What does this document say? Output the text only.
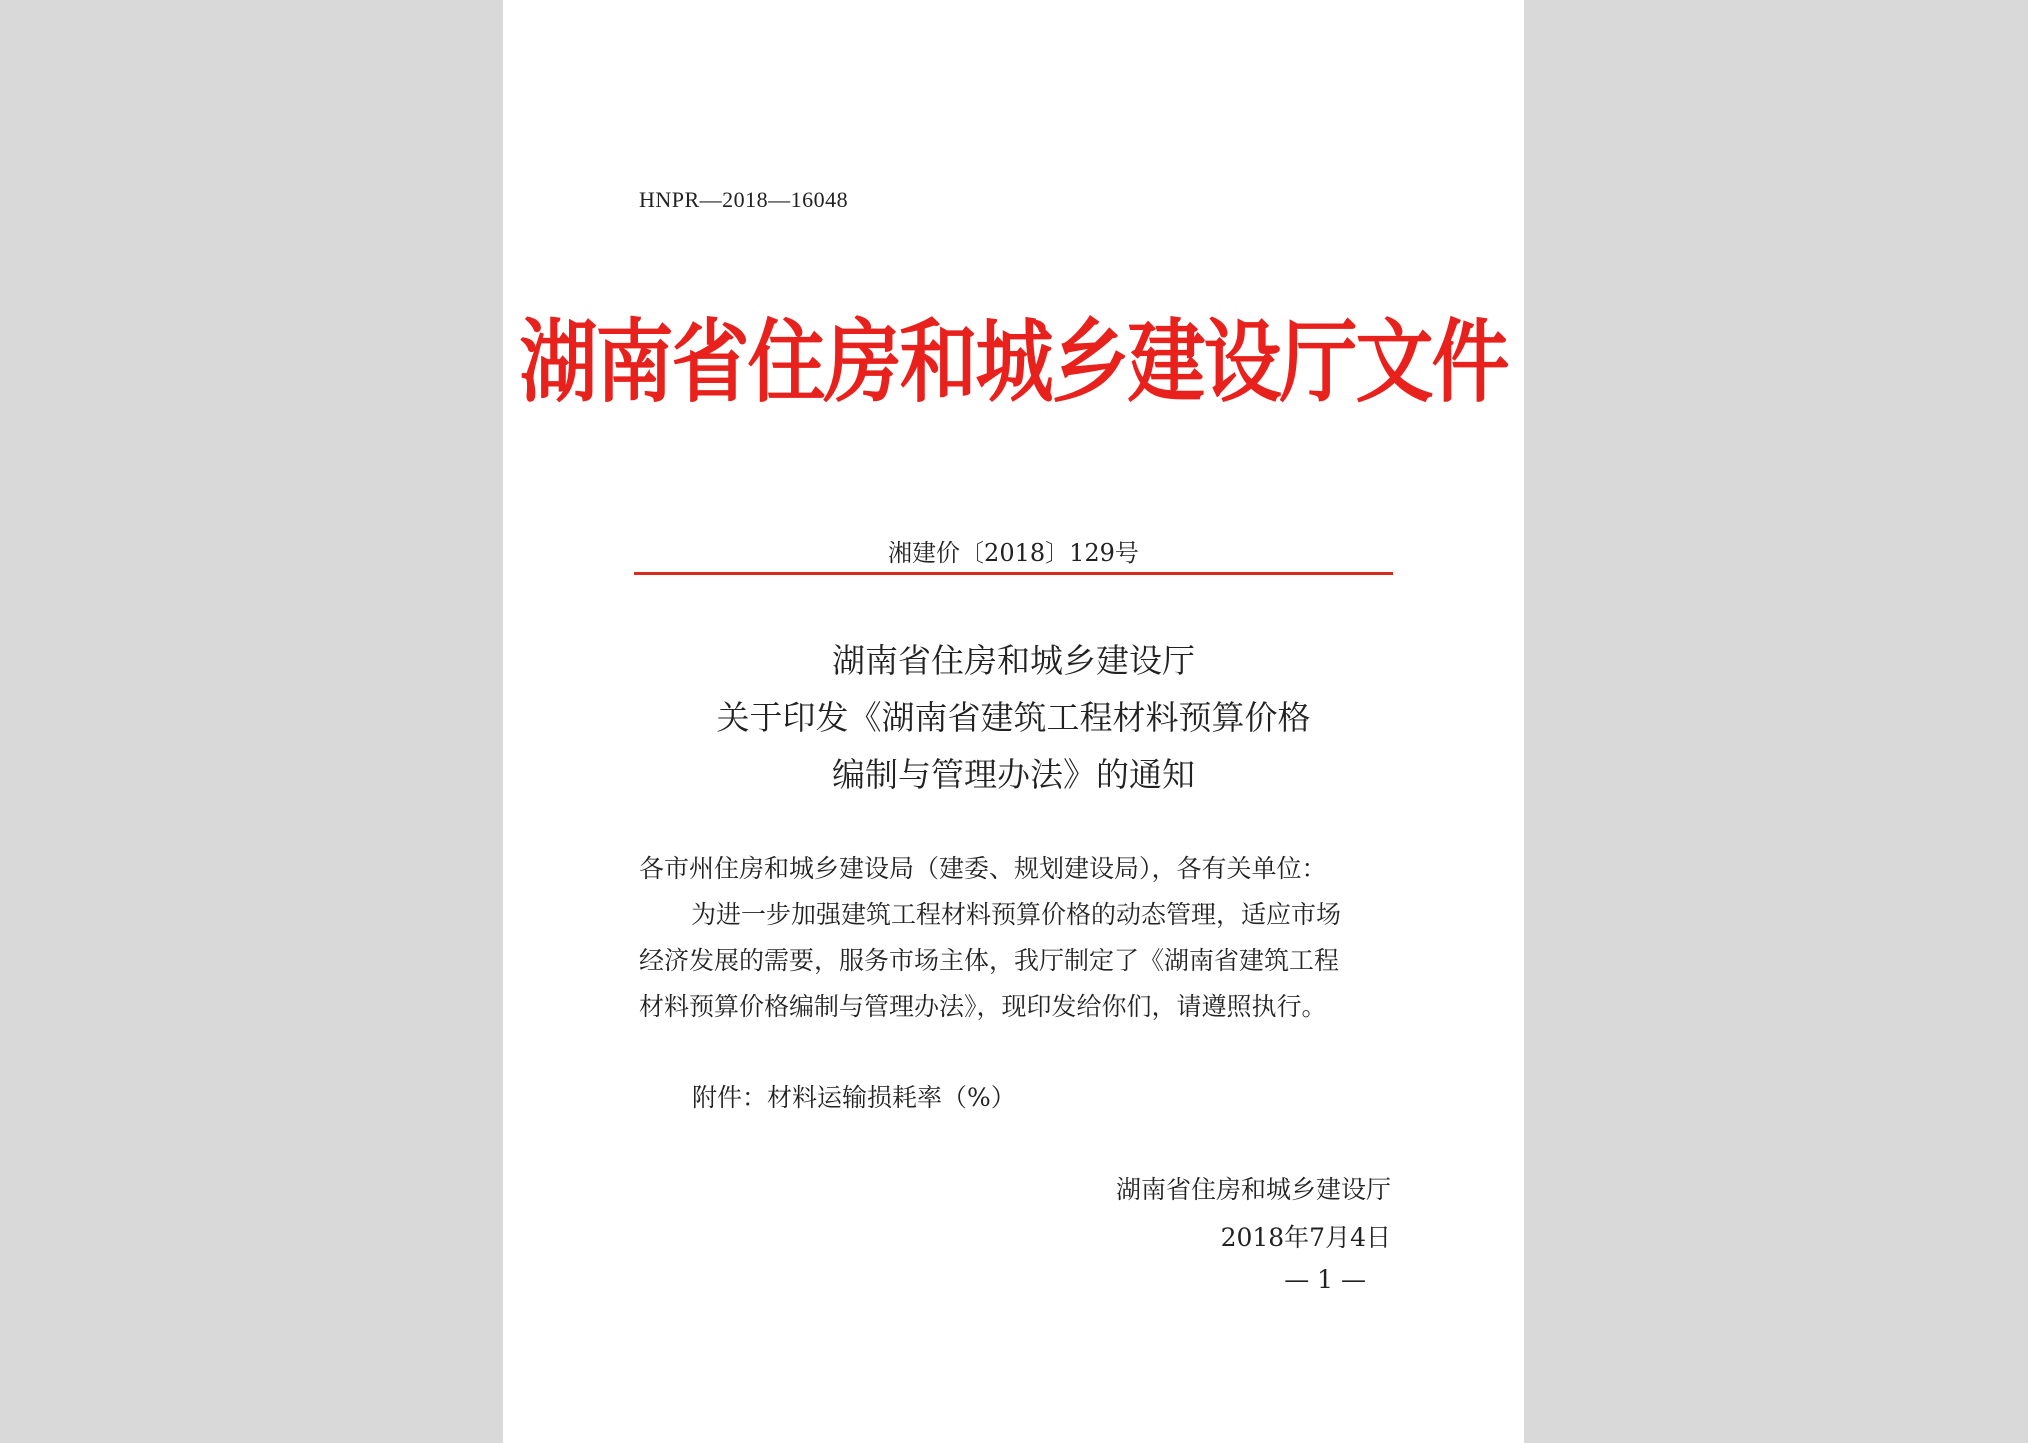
HNPR—2018—16048
湖南省住房和城乡建设厅文件
湘建价〔2018〕129号
湖南省住房和城乡建设厅
关于印发《湖南省建筑工程材料预算价格
编制与管理办法》的通知

各市州住房和城乡建设局（建委、规划建设局），各有关单位：

为进一步加强建筑工程材料预算价格的动态管理，适应市场

经济发展的需要，服务市场主体，我厅制定了《湖南省建筑工程

材料预算价格编制与管理办法》，现印发给你们，请遵照执行。

附件：材料运输损耗率（%）
湖南省住房和城乡建设厅
2018年7月4日
— 1 —
